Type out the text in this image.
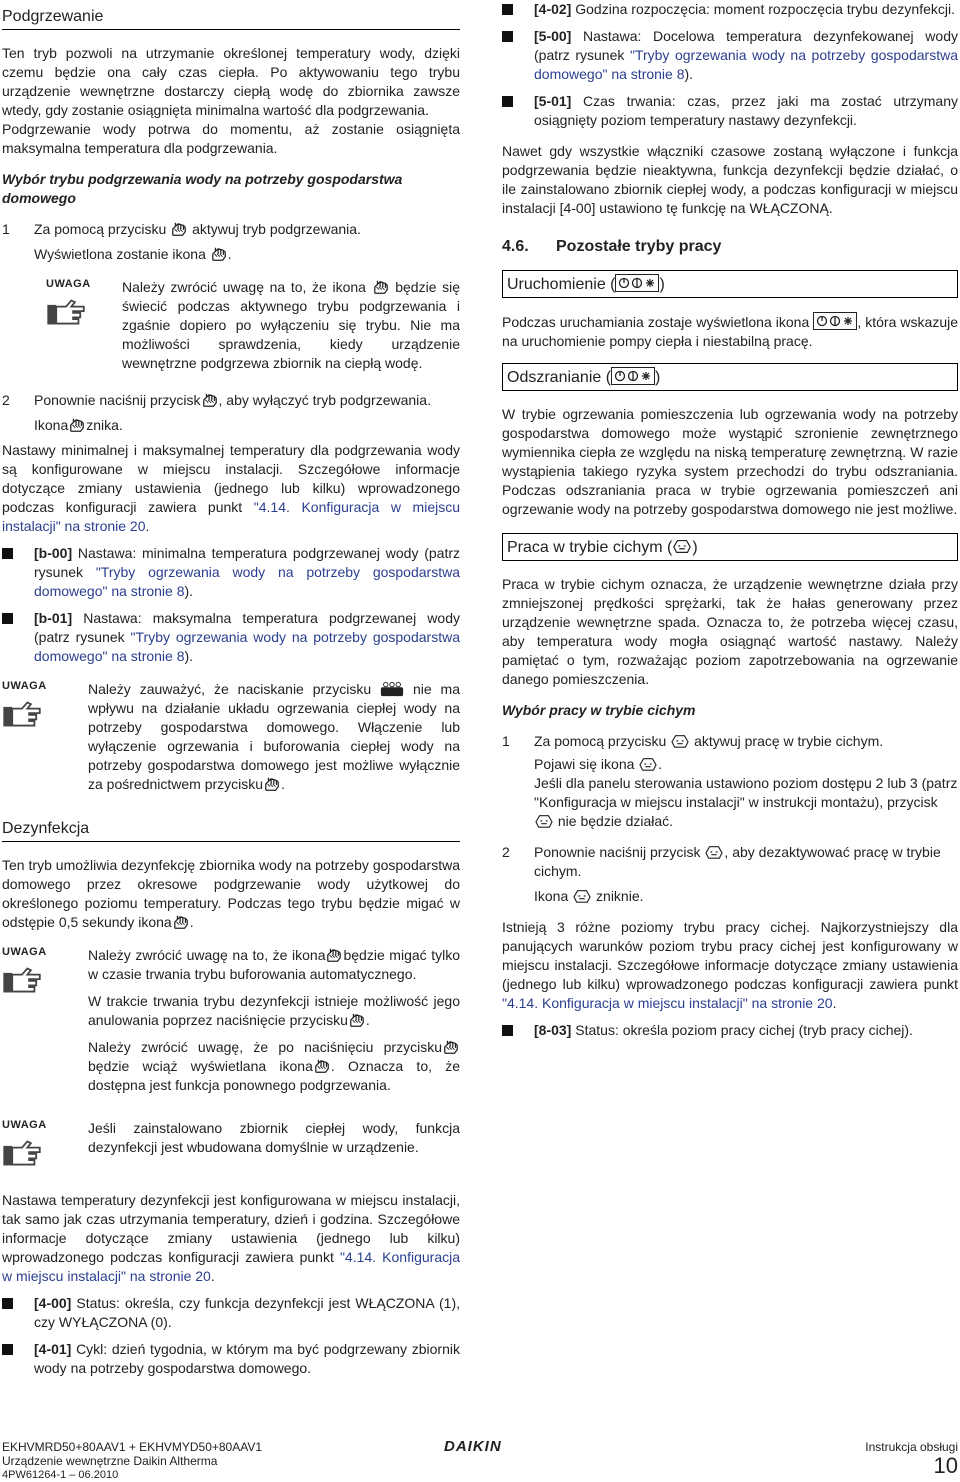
Podgrzewanie

Ten tryb pozwoli na utrzymanie określonej temperatury wody, dzięki czemu będzie ona cały czas ciepła. Po aktywowaniu tego trybu urządzenie wewnętrzne dostarczy ciepłą wodę do zbiornika zawsze wtedy, gdy zostanie osiągnięta minimalna wartość dla podgrzewania.

Podgrzewanie wody potrwa do momentu, aż zostanie osiągnięta maksymalna temperatura dla podgrzewania.

Wybór trybu podgrzewania wody na potrzeby gospodarstwa domowego
1	Za pomocą przycisku aktywuj tryb podgrzewania.

Wyświetlona zostanie ikona .

UWAGA	Należy zwrócić uwagę na to, że ikona będzie się świecić podczas aktywnego trybu podgrzewania i zgaśnie dopiero po wyłączeniu się trybu. Nie ma możliwości sprawdzenia, kiedy urządzenie wewnętrzne podgrzewa zbiornik na ciepłą wodę.

2	Ponownie naciśnij przycisk , aby wyłączyć tryb podgrzewania.

Ikona znika.

Nastawy minimalnej i maksymalnej temperatury dla podgrzewania wody są konfigurowane w miejscu instalacji. Szczegółowe informacje dotyczące zmiany ustawienia (jednego lub kilku) wprowadzonego podczas konfiguracji zawiera punkt "4.14. Konfiguracja w miejscu instalacji" na stronie 20.

[b-00] Nastawa: minimalna temperatura podgrzewanej wody (patrz rysunek "Tryby ogrzewania wody na potrzeby gospodarstwa domowego" na stronie 8).
[b-01] Nastawa: maksymalna temperatura podgrzewanej wody (patrz rysunek "Tryby ogrzewania wody na potrzeby gospodarstwa domowego" na stronie 8).
UWAGA	Należy zauważyć, że naciskanie przycisku	nie ma wpływu na działanie układu ogrzewania ciepłej wody na potrzeby gospodarstwa domowego. Włączenie lub wyłączenie ogrzewania i buforowania ciepłej wody na potrzeby gospodarstwa domowego jest możliwe wyłącznie za pośrednictwem przycisku .

Dezynfekcja

Ten tryb umożliwia dezynfekcję zbiornika wody na potrzeby gospodarstwa domowego przez okresowe podgrzewanie wody użytkowej do określonego poziomu temperatury. Podczas tego trybu będzie migać w odstępie 0,5 sekundy ikona .

UWAGA	Należy zwrócić uwagę na to, że ikona będzie migać tylko w czasie trwania trybu buforowania automatycznego.

W trakcie trwania trybu dezynfekcji istnieje możliwość jego anulowania poprzez naciśnięcie przycisku .

Należy zwrócić uwagę, że po naciśnięciu przycisku będzie wciąż wyświetlana ikona . Oznacza to, że dostępna jest funkcja ponownego podgrzewania.

UWAGA	Jeśli zainstalowano zbiornik ciepłej wody, funkcja dezynfekcji jest wbudowana domyślnie w urządzenie.

Nastawa temperatury dezynfekcji jest konfigurowana w miejscu instalacji, tak samo jak czas utrzymania temperatury, dzień i godzina. Szczegółowe informacje dotyczące zmiany ustawienia (jednego lub kilku) wprowadzonego podczas konfiguracji zawiera punkt "4.14. Konfiguracja w miejscu instalacji" na stronie 20.

[4-00] Status: określa, czy funkcja dezynfekcji jest WŁĄCZONA (1), czy WYŁĄCZONA (0).
[4-01] Cykl: dzień tygodnia, w którym ma być podgrzewany zbiornik wody na potrzeby gospodarstwa domowego.
[4-02] Godzina rozpoczęcia: moment rozpoczęcia trybu dezynfekcji.
[5-00] Nastawa: Docelowa temperatura dezynfekowanej wody (patrz rysunek "Tryby ogrzewania wody na potrzeby gospodarstwa domowego" na stronie 8).
[5-01] Czas trwania: czas, przez jaki ma zostać utrzymany osiągnięty poziom temperatury nastawy dezynfekcji.

Nawet gdy wszystkie włączniki czasowe zostaną wyłączone i funkcja podgrzewania będzie nieaktywna, funkcja dezynfekcji będzie działać, o ile zainstalowano zbiornik ciepłej wody, a podczas konfiguracji w miejscu instalacji [4-00] ustawiono tę funkcję na WŁĄCZONĄ.

4.6.	Pozostałe tryby pracy
Uruchomienie (	)

Podczas uruchamiania zostaje wyświetlona ikona	, która wskazuje na uruchomienie pompy ciepła i niestabilną pracę.

Odszranianie (	)

W trybie ogrzewania pomieszczenia lub ogrzewania wody na potrzeby gospodarstwa domowego może wystąpić szronienie zewnętrznego wymiennika ciepła ze względu na niską temperaturę zewnętrzną. W razie wystąpienia takiego ryzyka system przechodzi do trybu odszraniania. Podczas odszraniania praca w trybie ogrzewania pomieszczeń ani ogrzewanie wody na potrzeby gospodarstwa domowego nie jest możliwe.

Praca w trybie cichym ( )

Praca w trybie cichym oznacza, że urządzenie wewnętrzne działa przy zmniejszonej prędkości sprężarki, tak że hałas generowany przez urządzenie wewnętrzne spada. Oznacza to, że potrzeba więcej czasu, aby temperatura wody mogła osiągnąć wartość nastawy. Należy pamiętać o tym, rozważając poziom zapotrzebowania na ogrzewanie danego pomieszczenia.

Wybór pracy w trybie cichym
1	Za pomocą przycisku aktywuj pracę w trybie cichym.

Pojawi się ikona .

Jeśli dla panelu sterowania ustawiono poziom dostępu 2 lub 3 (patrz "Konfiguracja w miejscu instalacji" w instrukcji montażu), przycisk  nie będzie działać.

2	Ponownie naciśnij przycisk , aby dezaktywować pracę w trybie cichym.

Ikona zniknie.

Istnieją 3 różne poziomy trybu pracy cichej. Najkorzystniejszy dla panujących warunków poziom trybu pracy cichej jest konfigurowany w miejscu instalacji. Szczegółowe informacje dotyczące zmiany ustawienia (jednego lub kilku) wprowadzonego podczas konfiguracji zawiera punkt "4.14. Konfiguracja w miejscu instalacji" na stronie 20.

[8-03] Status: określa poziom pracy cichej (tryb pracy cichej).
EKHVMRD50+80AAV1 + EKHVMYD50+80AAV1
Urządzenie wewnętrzne Daikin Altherma
4PW61264-1 – 06.2010
DAIKIN	Instrukcja obsługi
10
